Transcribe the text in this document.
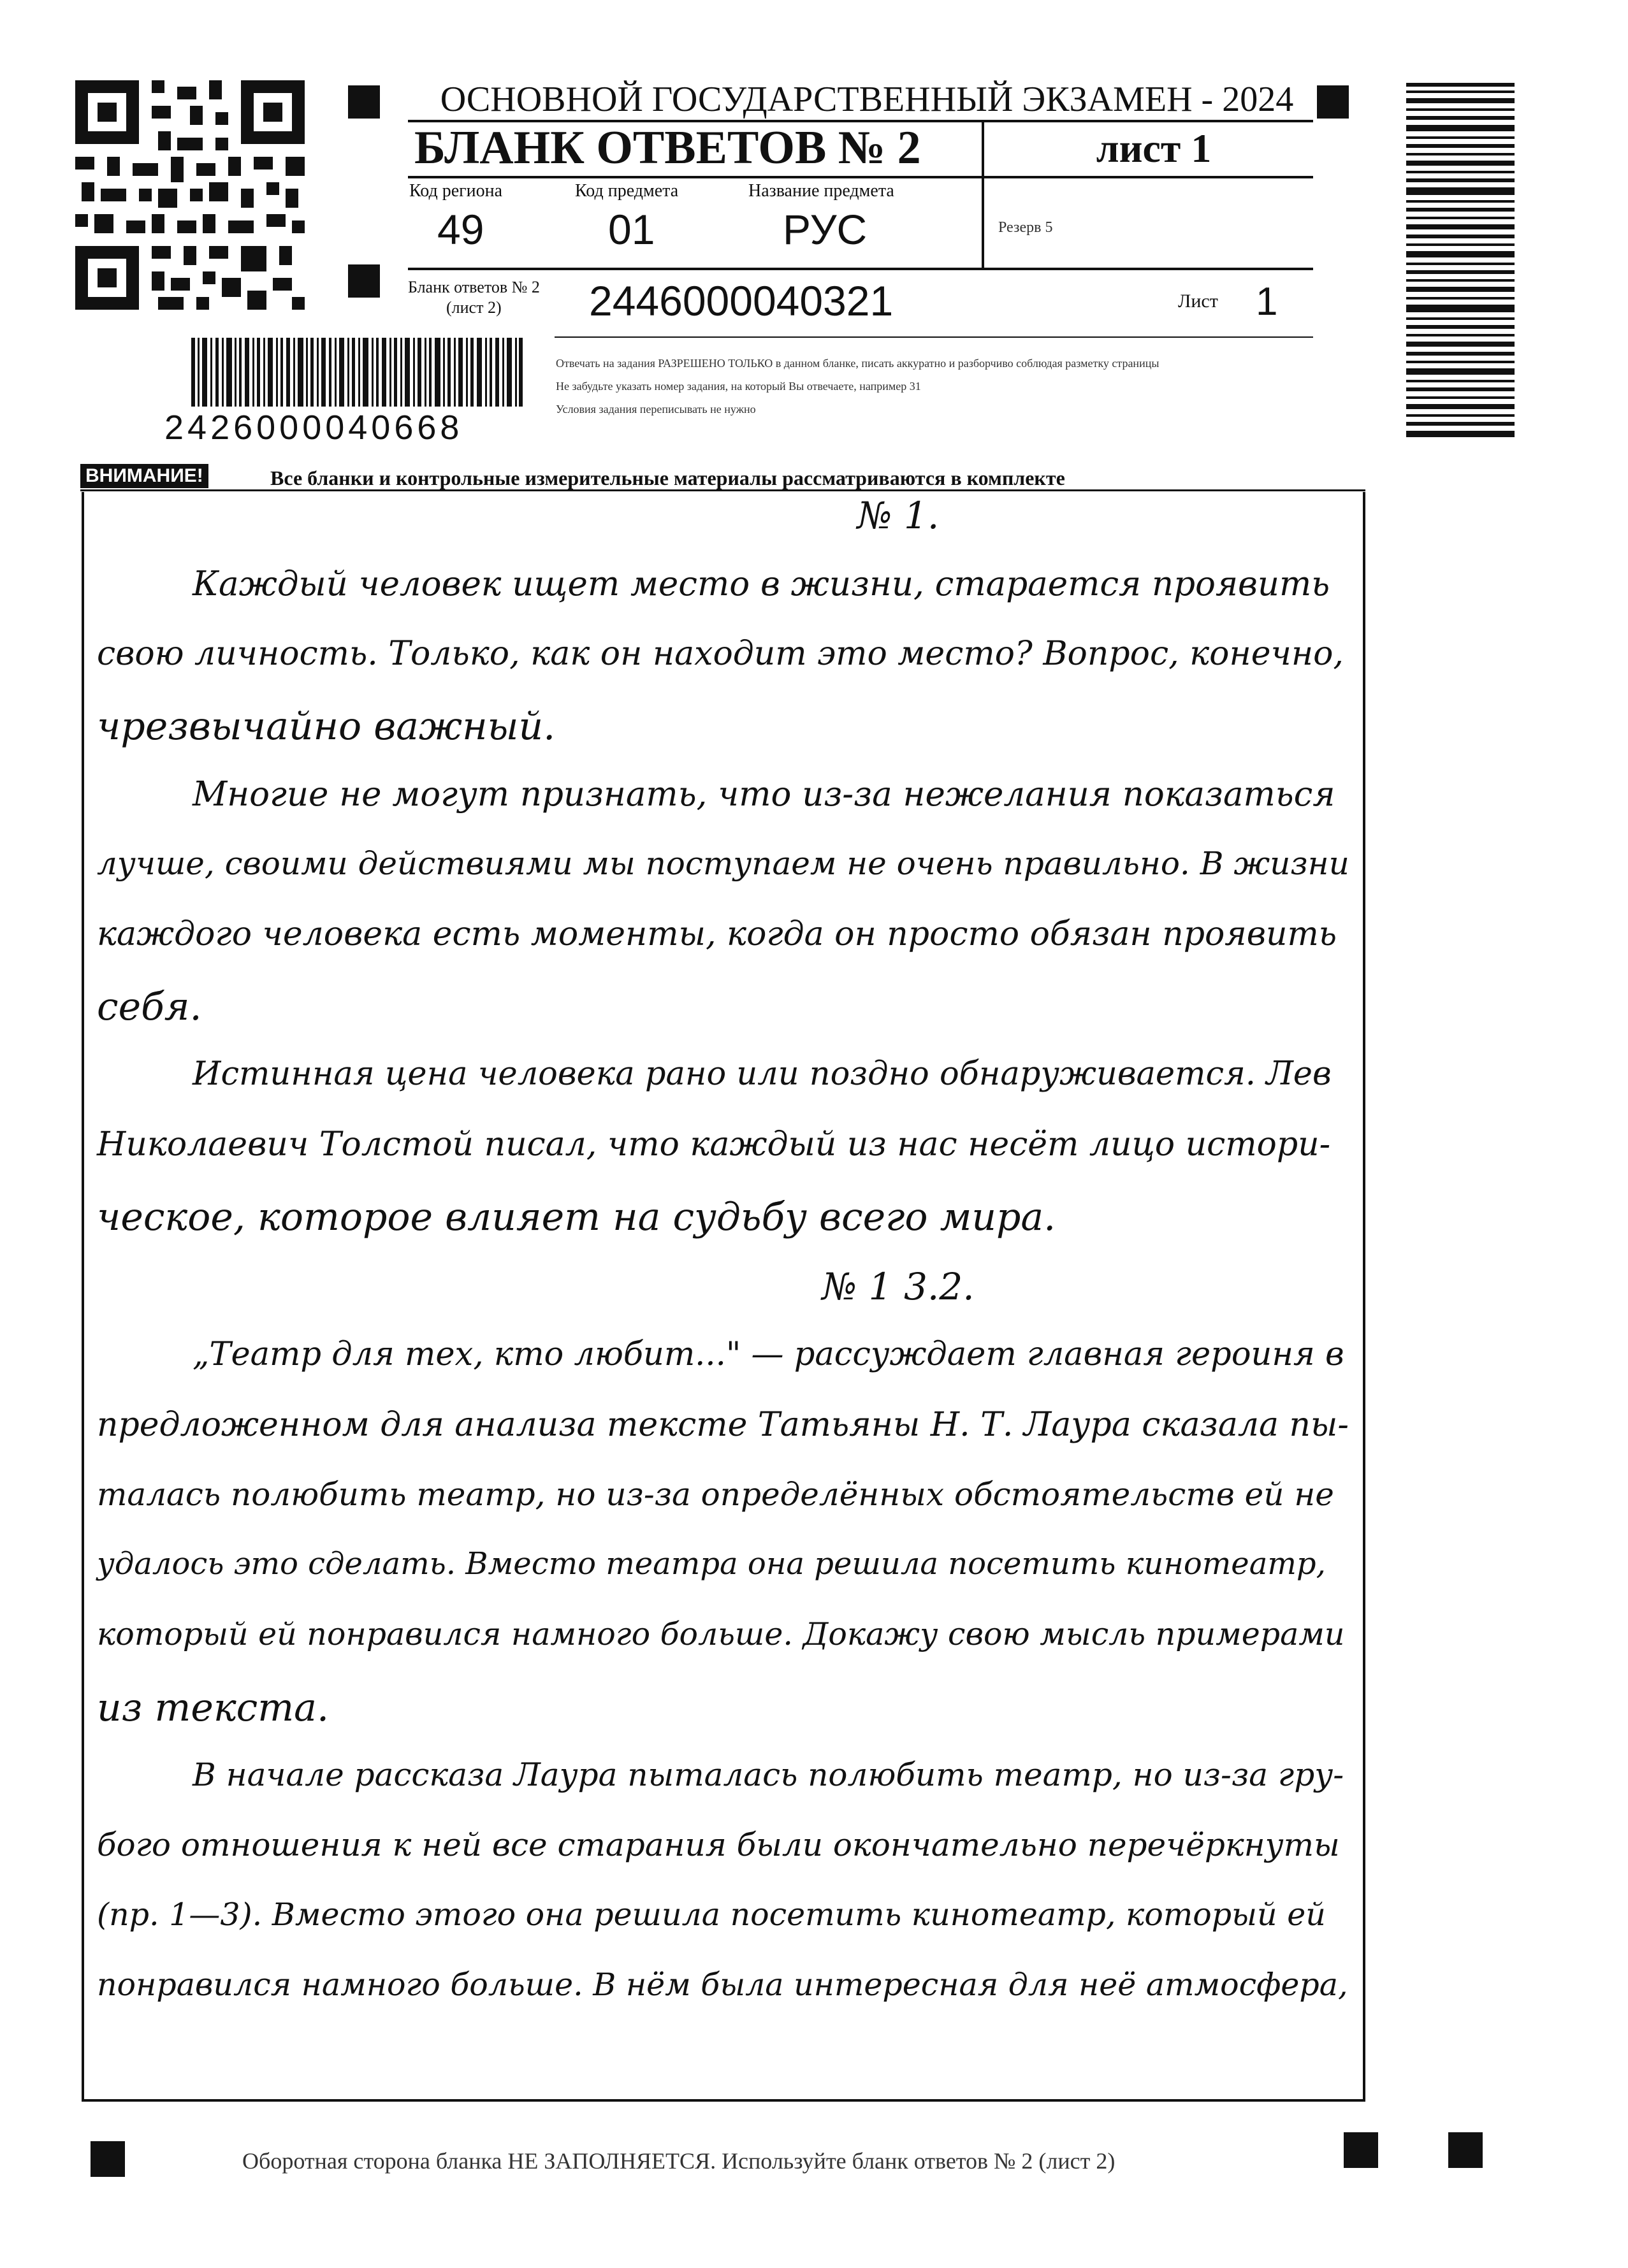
2426000040668
ОСНОВНОЙ ГОСУДАРСТВЕННЫЙ ЭКЗАМЕН - 2024
БЛАНК ОТВЕТОВ № 2	лист 1
Код региона
49
Код предмета
01
Название предмета
РУС	Резерв 5
Бланк ответов № 2
(лист 2) 2446000040321	Лист 1
Отвечать на задания РАЗРЕШЕНО ТОЛЬКО в данном бланке, писать аккуратно и разборчиво соблюдая разметку страницы
Не забудьте указать номер задания, на который Вы отвечаете, например 31
Условия задания переписывать не нужно
ВНИМАНИЕ!	Все бланки и контрольные измерительные материалы рассматриваются в комплекте
№ 1.
Каждый человек ищет место в жизни, старается проявить
свою личность. Только, как он находит это место? Вопрос, конечно,
чрезвычайно важный.
Многие не могут признать, что из-за нежелания показаться
лучше, своими действиями мы поступаем не очень правильно. В жизни
каждого человека есть моменты, когда он просто обязан проявить
себя.
Истинная цена человека рано или поздно обнаруживается. Лев
Николаевич Толстой писал, что каждый из нас несёт лицо истори-
ческое, которое влияет на судьбу всего мира.
№ 1 3.2.
„Театр для тех, кто любит..." — рассуждает главная героиня в
предложенном для анализа тексте Татьяны Н. Т. Лаура сказала пы-
талась полюбить театр, но из-за определённых обстоятельств ей не
удалось это сделать. Вместо театра она решила посетить кинотеатр,
который ей понравился намного больше. Докажу свою мысль примерами
из текста.
В начале рассказа Лаура пыталась полюбить театр, но из-за гру-
бого отношения к ней все старания были окончательно перечёркнуты
(пр. 1—3). Вместо этого она решила посетить кинотеатр, который ей
понравился намного больше. В нём была интересная для неё атмосфера,
Оборотная сторона бланка НЕ ЗАПОЛНЯЕТСЯ. Используйте бланк ответов № 2 (лист 2)
